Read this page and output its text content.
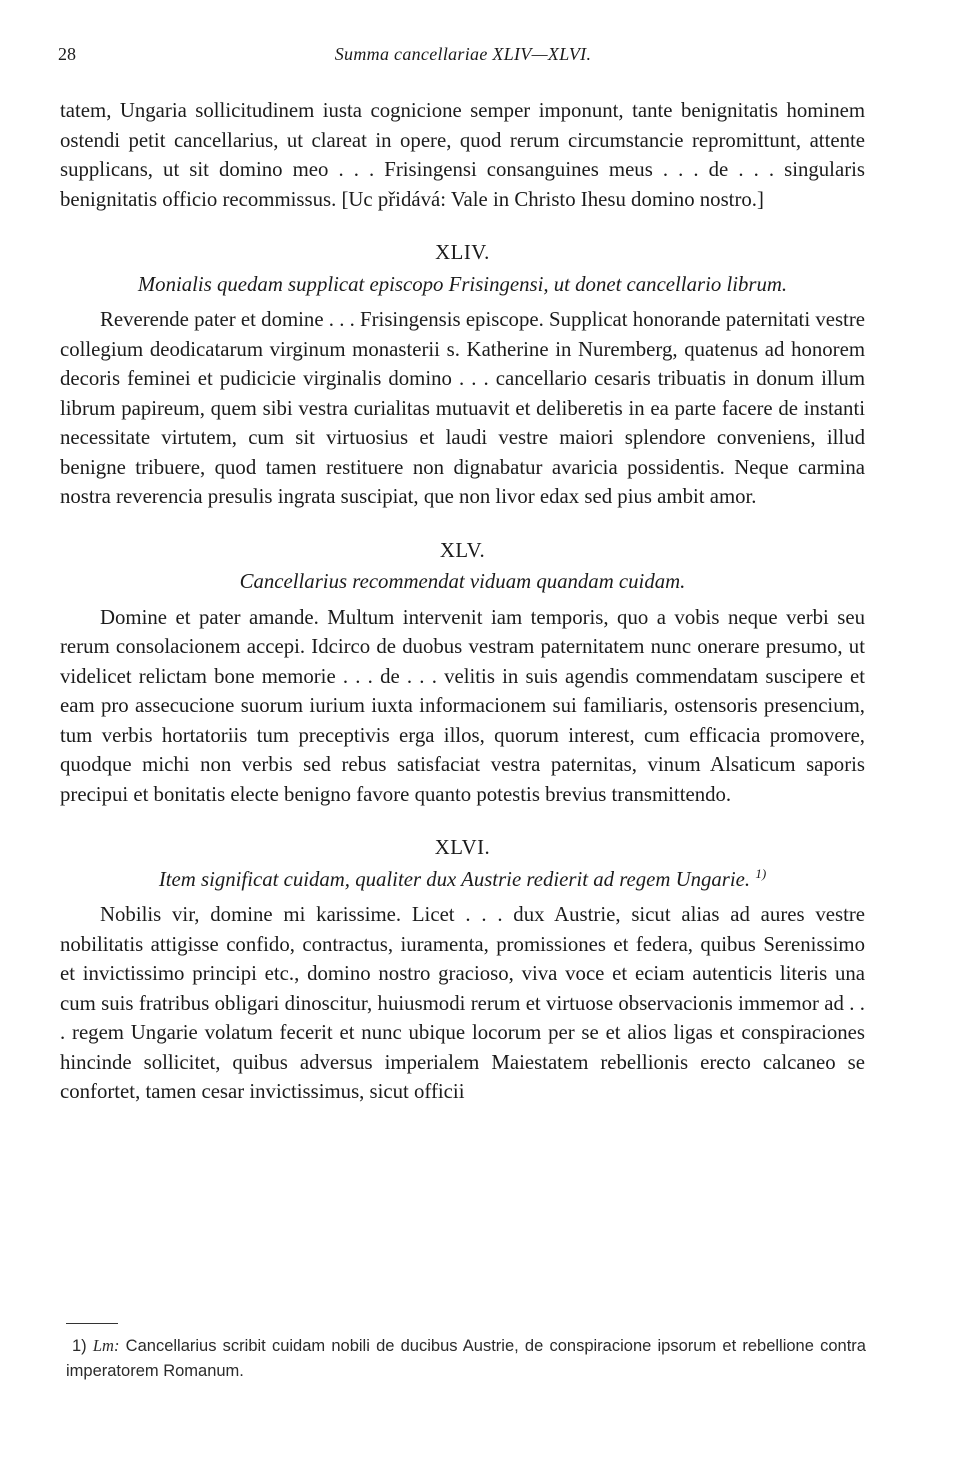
28	Summa cancellariae XLIV—XLVI.

tatem, Ungaria sollicitudinem iusta cognicione semper imponunt, tante benignitatis hominem ostendi petit cancellarius, ut clareat in opere, quod rerum circumstancie repromittunt, attente supplicans, ut sit domino meo . . . Frisingensi consanguines meus . . . de . . . singularis benignitatis officio recommissus. [Uc přidává: Vale in Christo Ihesu domino nostro.]

XLIV.
Monialis quedam supplicat episcopo Frisingensi, ut donet cancellario librum.

Reverende pater et domine . . . Frisingensis episcope. Supplicat honorande paternitati vestre collegium deodicatarum virginum monasterii s. Katherine in Nuremberg, quatenus ad honorem decoris feminei et pudicicie virginalis domino . . . cancellario cesaris tribuatis in donum illum librum papireum, quem sibi vestra curialitas mutuavit et deliberetis in ea parte facere de instanti necessitate virtutem, cum sit virtuosius et laudi vestre maiori splendore conveniens, illud benigne tribuere, quod tamen restituere non dignabatur avaricia possidentis. Neque carmina nostra reverencia presulis ingrata suscipiat, que non livor edax sed pius ambit amor.

XLV.
Cancellarius recommendat viduam quandam cuidam.

Domine et pater amande. Multum intervenit iam temporis, quo a vobis neque verbi seu rerum consolacionem accepi. Idcirco de duobus vestram paternitatem nunc onerare presumo, ut videlicet relictam bone memorie . . . de . . . velitis in suis agendis commendatam suscipere et eam pro assecucione suorum iurium iuxta informacionem sui familiaris, ostensoris presencium, tum verbis hortatoriis tum preceptivis erga illos, quorum interest, cum efficacia promovere, quodque michi non verbis sed rebus satisfaciat vestra paternitas, vinum Alsaticum saporis precipui et bonitatis electe benigno favore quanto potestis brevius transmittendo.

XLVI.
Item significat cuidam, qualiter dux Austrie redierit ad regem Ungarie. $^{1)}$

Nobilis vir, domine mi karissime. Licet . . . dux Austrie, sicut alias ad aures vestre nobilitatis attigisse confido, contractus, iuramenta, promissiones et federa, quibus Serenissimo et invictissimo principi etc., domino nostro gracioso, viva voce et eciam autenticis literis una cum suis fratribus obligari dinoscitur, huiusmodi rerum et virtuose observacionis immemor ad . . . regem Ungarie volatum fecerit et nunc ubique locorum per se et alios ligas et conspiraciones hincinde sollicitet, quibus adversus imperialem Maiestatem rebellionis erecto calcaneo se confortet, tamen cesar invictissimus, sicut officii

1) Lm: Cancellarius scribit cuidam nobili de ducibus Austrie, de conspiracione ipsorum et rebellione contra imperatorem Romanum.
